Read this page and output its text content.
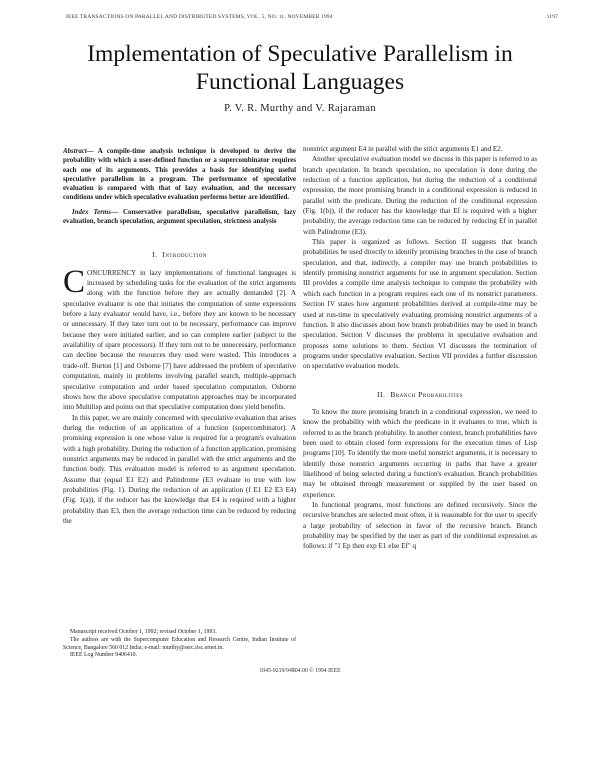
IEEE TRANSACTIONS ON PARALLEL AND DISTRIBUTED SYSTEMS, VOL. 5, NO. 11, NOVEMBER 1994	1197
Implementation of Speculative Parallelism in
Functional Languages
P. V. R. Murthy and V. Rajaraman

Abstract— A compile-time analysis technique is developed to derive the probability with which a user-defined function or a supercombinator requires each one of its arguments. This provides a basis for identifying useful speculative parallelism in a program. The performance of speculative evaluation is compared with that of lazy evaluation, and the necessary conditions under which speculative evaluation performs better are identified.

Index Terms— Conservative parallelism, speculative parallelism, lazy evaluation, branch speculation, argument speculation, strictness analysis

I. Introduction

CONCURRENCY in lazy implementations of functional languages is increased by scheduling tasks for the evaluation of the strict arguments along with the function before they are actually demanded [2]. A speculative evaluator is one that initiates the computation of some expressions before a lazy evaluator would have, i.e., before they are known to be necessary or unnecessary. If they later turn out to be necessary, performance can improve because they were initiated earlier, and so can complete earlier (subject to the availability of spare processors). If they turn out to be unnecessary, performance can decline because the resources they used were wasted. This introduces a trade-off. Burton [1] and Osborne [7] have addressed the problem of speculative computation, mainly in problems involving parallel search, multiple-approach speculative computation and order based speculation computation. Osborne shows how the above speculative computation approaches may be incorporated into Multilisp and points out that speculative computation does yield benefits.

In this paper, we are mainly concerned with speculative evaluation that arises during the reduction of an application of a function (supercombinator). A promising expression is one whose value is required for a program's evaluation with a high probability. During the reduction of a function application, promising nonstrict arguments may be reduced in parallel with the strict arguments and the function body. This evaluation model is referred to as argument speculation. Assume that (equal E1 E2) and Palindrome (E3 evaluate to true with low probabilities (Fig. 1). During the reduction of an application (f E1 E2 E3 E4) (Fig. 1(a)), if the reducer has the knowledge that E4 is required with a higher probability than E3, then the average reduction time can be reduced by reducing the

Manuscript received October 1, 1992; revised October 1, 1993.

The authors are with the Supercomputer Education and Research Centre, Indian Institute of Science, Bangalore 560 012 India; e-mail: murthy@serc.iisc.ernet.in.

IEEE Log Number 9406410.

1045-9219/94$04.00 © 1994 IEEE

nonstrict argument E4 in parallel with the strict arguments E1 and E2.

Another speculative evaluation model we discuss in this paper is referred to as branch speculation. In branch speculation, no speculation is done during the reduction of a function application, but during the reduction of a conditional expression, the more promising branch in a conditional expression is reduced in parallel with the predicate. During the reduction of the conditional expression (Fig. 1(b)), if the reducer has the knowledge that Ef is required with a higher probability, the average reduction time can be reduced by reducing Ef in parallel with Palindrome (E3).

This paper is organized as follows. Section II suggests that branch probabilities be used directly to identify promising branches in the case of branch speculation, and that, indirectly, a compiler may use branch probabilities to identify promising nonstrict arguments for use in argument speculation. Section III provides a compile time analysis technique to compute the probability with which each function in a program requires each one of its nonstrict parameters. Section IV states how argument probabilities derived at compile-time may be used at run-time in speculatively evaluating promising nonstrict arguments of a function. It also discusses about how branch probabilities may be used in branch speculation. Section V discusses the problems in speculative evaluation and proposes some solutions to them. Section VI discusses the termination of programs under speculative evaluation. Section VII provides a further discussion on speculative evaluation models.

II. Branch Probabilities

To know the more promising branch in a conditional expression, we need to know the probability with which the predicate in it evaluates to true, which is referred to as the branch probability. In another context, branch probabilities have been used to obtain closed form expressions for the execution times of Lisp programs [10]. To identify the more useful nonstrict arguments, it is necessary to identify those nonstrict arguments occurring in paths that have a greater likelihood of being selected during a function's evaluation. Branch probabilities may be obtained through measurement or supplied by the user based on experience.

In functional programs, most functions are defined recursively. Since the recursive branches are selected most often, it is reasonable for the user to specify a large probability of selection in favor of the recursive branch. Branch probability may be specified by the user as part of the conditional expression as follows: if "1 Ep then exp E1 else Ef" q
